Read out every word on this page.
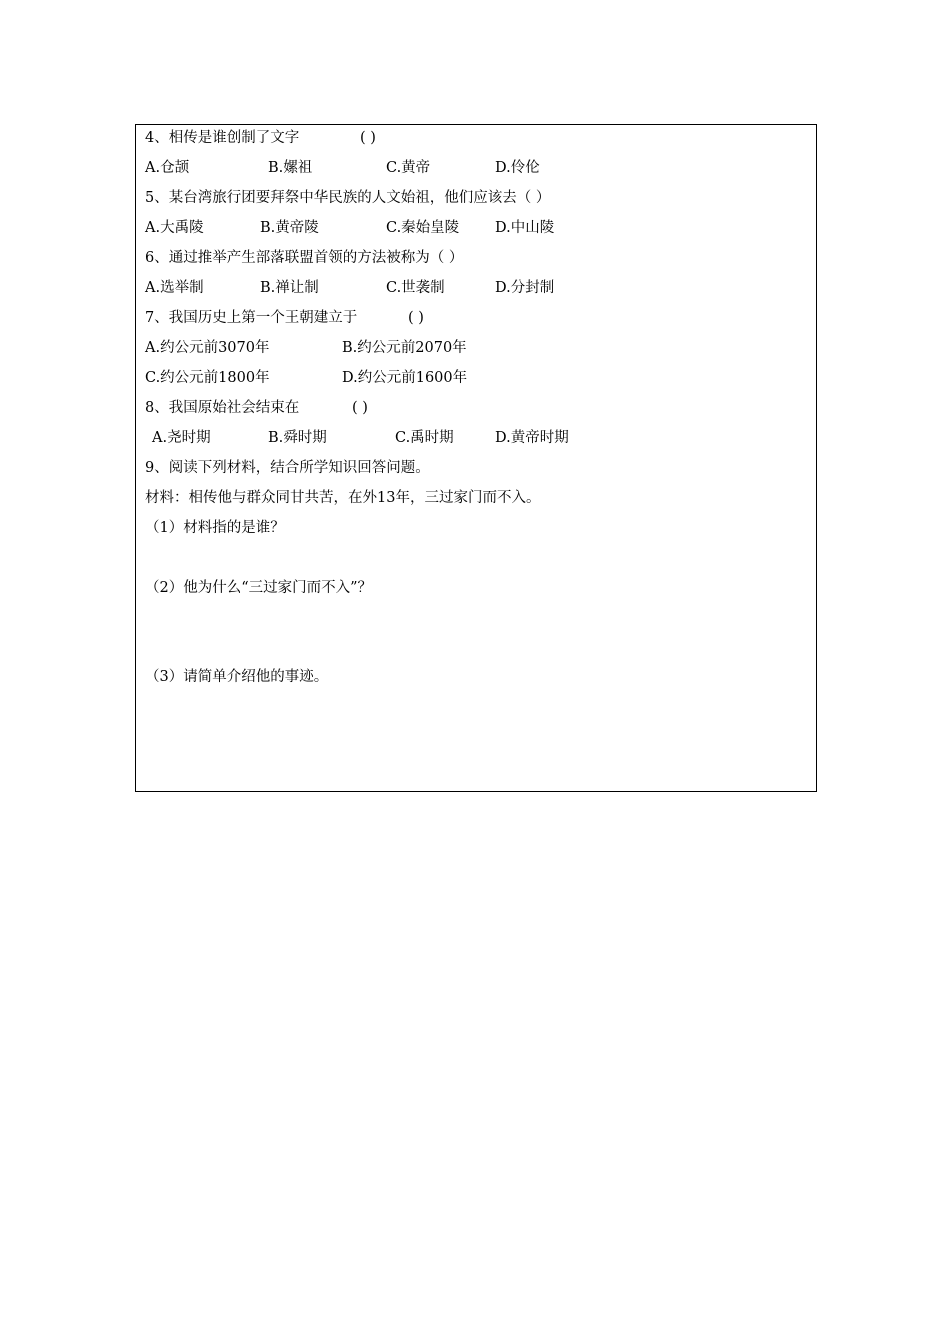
4、相传是谁创制了文字	( )
A.仓颉	B.嫘祖	C.黄帝	D.伶伦
5、某台湾旅行团要拜祭中华民族的人文始祖，他们应该去（ ）
A.大禹陵	B.黄帝陵	C.秦始皇陵 D.中山陵
6、通过推举产生部落联盟首领的方法被称为（ ）
A.选举制	B.禅让制	C.世袭制	D.分封制
7、我国历史上第一个王朝建立于	( )
A.约公元前3070年	B.约公元前2070年
C.约公元前1800年	D.约公元前1600年
8、我国原始社会结束在	( )
A.尧时期	B.舜时期	C.禹时期	D.黄帝时期
9、阅读下列材料，结合所学知识回答问题。
材料：相传他与群众同甘共苦，在外13年，三过家门而不入。
（1）材料指的是谁？
（2）他为什么“三过家门而不入”？
（3）请简单介绍他的事迹。
